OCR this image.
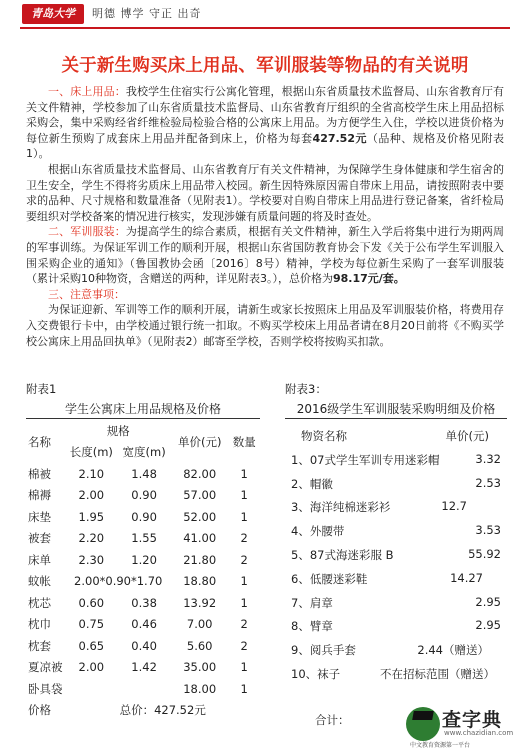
青岛大学	明德 博学 守正 出奇
关于新生购买床上用品、军训服装等物品的有关说明

一、床上用品：我校学生住宿实行公寓化管理，根据山东省质量技术监督局、山东省教育厅有关文件精神，学校参加了山东省质量技术监督局、山东省教育厅组织的全省高校学生床上用品招标采购会，集中采购经省纤维检验局检验合格的公寓床上用品。为方便学生入住，学校以进货价格为每位新生预购了成套床上用品并配备到床上，价格为每套427.52元（品种、规格及价格见附表1）。

根据山东省质量技术监督局、山东省教育厅有关文件精神，为保障学生身体健康和学生宿舍的卫生安全，学生不得将劣质床上用品带入校园。新生因特殊原因需自带床上用品，请按照附表中要求的品种、尺寸规格和数量准备（见附表1）。学校要对自购自带床上用品进行登记备案，省纤检局要组织对学校备案的情况进行核实，发现涉嫌有质量问题的将及时查处。

二、军训服装：为提高学生的综合素质，根据有关文件精神，新生入学后将集中进行为期两周的军事训练。为保证军训工作的顺利开展，根据山东省国防教育协会下发《关于公布学生军训服入围采购企业的通知》（鲁国教协会函〔2016〕8号）精神，学校为每位新生采购了一套军训服装（累计采购10种物资，含赠送的两种，详见附表3。），总价格为98.17元/套。

三、注意事项：

为保证迎新、军训等工作的顺利开展，请新生或家长按照床上用品及军训服装价格，将费用存入交费银行卡中，由学校通过银行统一扣取。不购买学校床上用品者请在8月20日前将《不购买学校公寓床上用品回执单》（见附表2）邮寄至学校，否则学校将按购买扣款。

附表1
学生公寓床上用品规格及价格
名称	规格		单价(元)	数量
	长度(m)	宽度(m)		
棉被	2.10	1.48	82.00	1
棉褥	2.00	0.90	57.00	1
床垫	1.95	0.90	52.00	1
被套	2.20	1.55	41.00	2
床单	2.30	1.20	21.80	2
蚊帐	2.00*0.90*1.70		18.80	1
枕芯	0.60	0.38	13.92	1
枕巾	0.75	0.46	7.00	2
枕套	0.65	0.40	5.60	2
夏凉被	2.00	1.42	35.00	1
卧具袋			18.00	1
价格	总价：427.52元			
附表3：
2016级学生军训服装采购明细及价格
物资名称	单价(元)
1、07式学生军训专用迷彩帽	3.32
2、帽徽	2.53
3、海洋纯棉迷彩衫	12.7
4、外腰带	3.53
5、87式海迷彩服 B	55.92
6、低腰迷彩鞋	14.27
7、肩章	2.95
8、臂章	2.95
9、阅兵手套	2.44（赠送）
10、袜子	不在招标范围（赠送）
合计：	查字典
www.chazidian.com
中文教育资源第一平台
